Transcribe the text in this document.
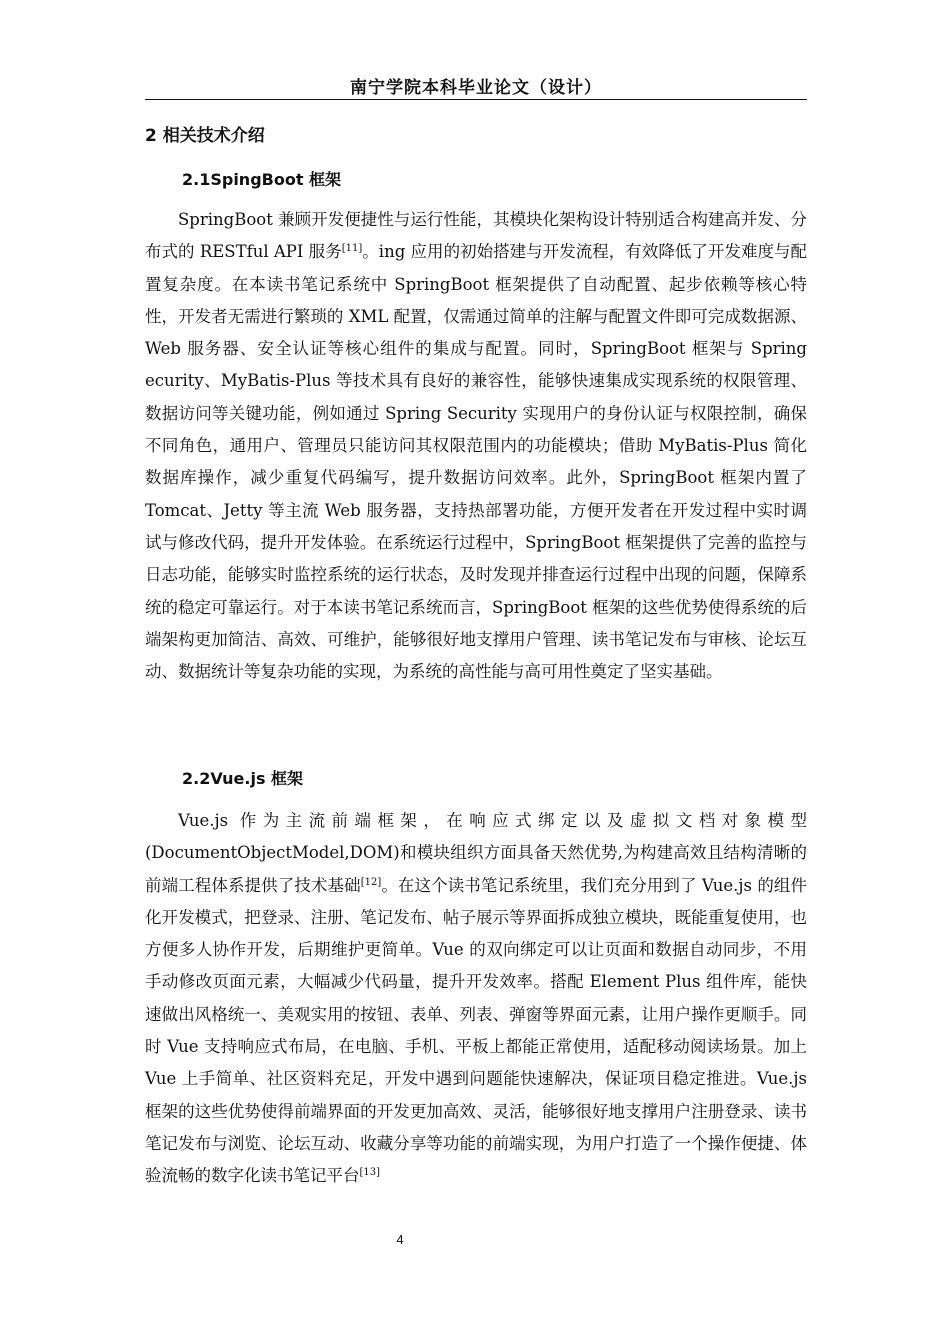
南宁学院本科毕业论文（设计）
2 相关技术介绍
2.1SpingBoot 框架

SpringBoot 兼顾开发便捷性与运行性能，其模块化架构设计特别适合构建高并发、分布式的 RESTful API 服务[11]。ing 应用的初始搭建与开发流程，有效降低了开发难度与配置复杂度。在本读书笔记系统中 SpringBoot 框架提供了自动配置、起步依赖等核心特性，开发者无需进行繁琐的 XML 配置，仅需通过简单的注解与配置文件即可完成数据源、Web 服务器、安全认证等核心组件的集成与配置。同时，SpringBoot 框架与 Spring ecurity、MyBatis-Plus 等技术具有良好的兼容性，能够快速集成实现系统的权限管理、数据访问等关键功能，例如通过 Spring Security 实现用户的身份认证与权限控制，确保不同角色，通用户、管理员只能访问其权限范围内的功能模块；借助 MyBatis-Plus 简化数据库操作，减少重复代码编写，提升数据访问效率。此外，SpringBoot 框架内置了 Tomcat、Jetty 等主流 Web 服务器，支持热部署功能，方便开发者在开发过程中实时调试与修改代码，提升开发体验。在系统运行过程中，SpringBoot 框架提供了完善的监控与日志功能，能够实时监控系统的运行状态，及时发现并排查运行过程中出现的问题，保障系统的稳定可靠运行。对于本读书笔记系统而言，SpringBoot 框架的这些优势使得系统的后端架构更加简洁、高效、可维护，能够很好地支撑用户管理、读书笔记发布与审核、论坛互动、数据统计等复杂功能的实现，为系统的高性能与高可用性奠定了坚实基础。

2.2Vue.js 框架

Vue.js 作为主流前端框架，在响应式绑定以及虚拟文档对象模型(DocumentObjectModel,DOM)和模块组织方面具备天然优势,为构建高效且结构清晰的前端工程体系提供了技术基础[12]。在这个读书笔记系统里，我们充分用到了 Vue.js 的组件化开发模式，把登录、注册、笔记发布、帖子展示等界面拆成独立模块，既能重复使用，也方便多人协作开发，后期维护更简单。Vue 的双向绑定可以让页面和数据自动同步，不用手动修改页面元素，大幅减少代码量，提升开发效率。搭配 Element Plus 组件库，能快速做出风格统一、美观实用的按钮、表单、列表、弹窗等界面元素，让用户操作更顺手。同时 Vue 支持响应式布局，在电脑、手机、平板上都能正常使用，适配移动阅读场景。加上 Vue 上手简单、社区资料充足，开发中遇到问题能快速解决，保证项目稳定推进。Vue.js 框架的这些优势使得前端界面的开发更加高效、灵活，能够很好地支撑用户注册登录、读书笔记发布与浏览、论坛互动、收藏分享等功能的前端实现，为用户打造了一个操作便捷、体验流畅的数字化读书笔记平台[13]

4
